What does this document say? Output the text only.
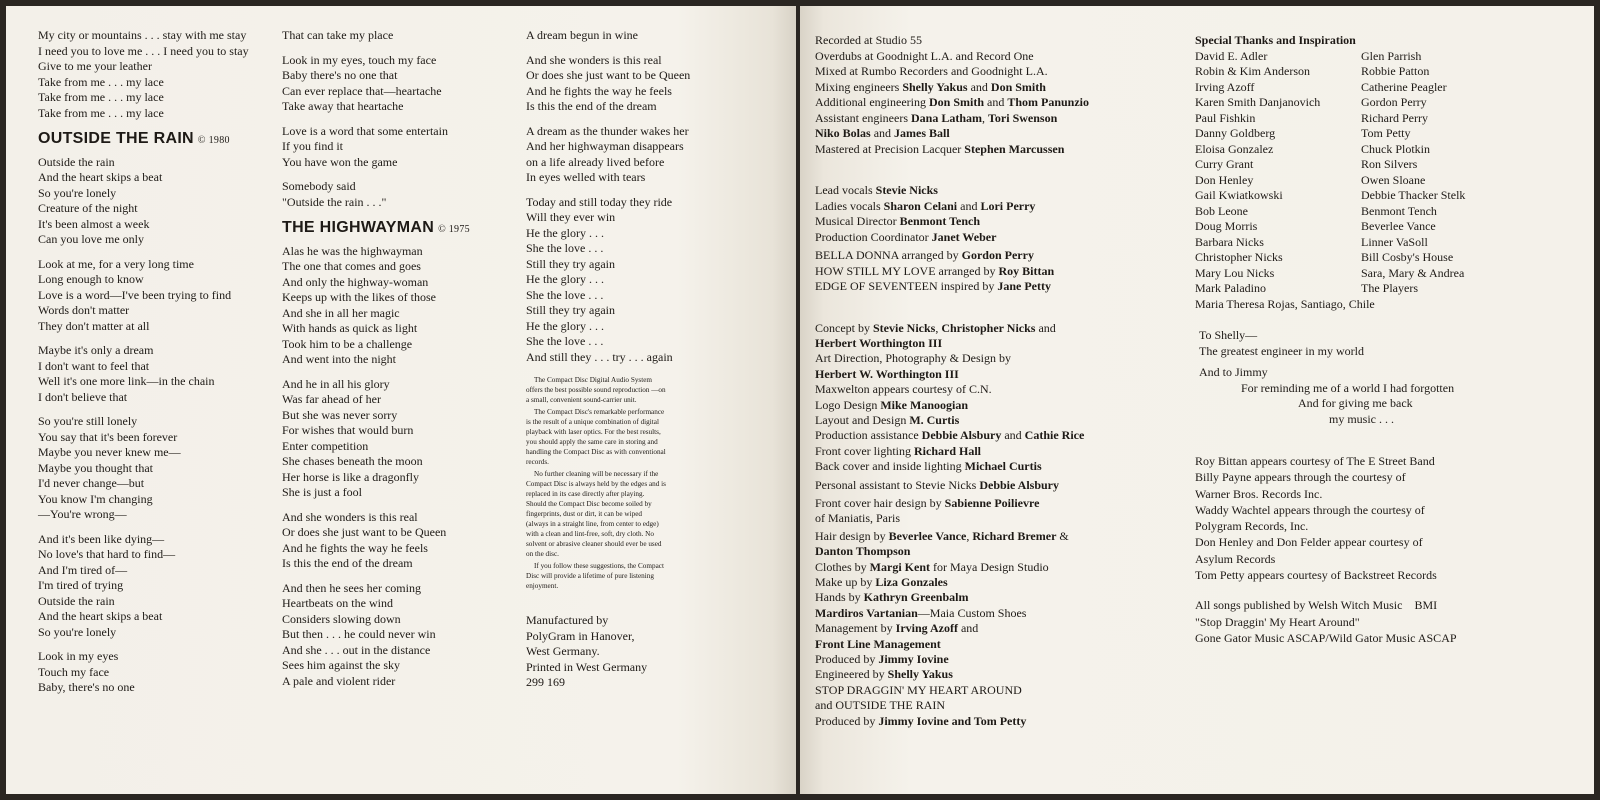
My city or mountains . . . stay with me stay
I need you to love me . . . I need you to stay
Give to me your leather
Take from me . . . my lace
Take from me . . . my lace
Take from me . . . my lace
OUTSIDE THE RAIN © 1980
Outside the rain
And the heart skips a beat
So you're lonely
Creature of the night
It's been almost a week
Can you love me only
Look at me, for a very long time
Long enough to know
Love is a word—I've been trying to find
Words don't matter
They don't matter at all
Maybe it's only a dream
I don't want to feel that
Well it's one more link—in the chain
I don't believe that
So you're still lonely
You say that it's been forever
Maybe you never knew me—
Maybe you thought that
I'd never change—but
You know I'm changing
—You're wrong—
And it's been like dying—
No love's that hard to find—
And I'm tired of—
I'm tired of trying
Outside the rain
And the heart skips a beat
So you're lonely
Look in my eyes
Touch my face
Baby, there's no one
That can take my place
Look in my eyes, touch my face
Baby there's no one that
Can ever replace that—heartache
Take away that heartache
Love is a word that some entertain
If you find it
You have won the game
Somebody said
"Outside the rain . . ."
THE HIGHWAYMAN © 1975
Alas he was the highwayman
The one that comes and goes
And only the highway-woman
Keeps up with the likes of those
And she in all her magic
With hands as quick as light
Took him to be a challenge
And went into the night
And he in all his glory
Was far ahead of her
But she was never sorry
For wishes that would burn
Enter competition
She chases beneath the moon
Her horse is like a dragonfly
She is just a fool
And she wonders is this real
Or does she just want to be Queen
And he fights the way he feels
Is this the end of the dream
And then he sees her coming
Heartbeats on the wind
Considers slowing down
But then . . . he could never win
And she . . . out in the distance
Sees him against the sky
A pale and violent rider
A dream begun in wine
And she wonders is this real
Or does she just want to be Queen
And he fights the way he feels
Is this the end of the dream
A dream as the thunder wakes her
And her highwayman disappears
on a life already lived before
In eyes welled with tears
Today and still today they ride
Will they ever win
He the glory . . .
She the love . . .
Still they try again
He the glory . . .
She the love . . .
Still they try again
He the glory . . .
She the love . . .
And still they . . . try . . . again
The Compact Disc Digital Audio System offers the best possible sound reproduction —on a small, convenient sound-carrier unit.
The Compact Disc's remarkable performance is the result of a unique combination of digital playback with laser optics. For the best results, you should apply the same care in storing and handling the Compact Disc as with conventional records.
No further cleaning will be necessary if the Compact Disc is always held by the edges and is replaced in its case directly after playing. Should the Compact Disc become soiled by fingerprints, dust or dirt, it can be wiped (always in a straight line, from center to edge) with a clean and lint-free, soft, dry cloth. No solvent or abrasive cleaner should ever be used on the disc.
If you follow these suggestions, the Compact Disc will provide a lifetime of pure listening enjoyment.
Manufactured by
PolyGram in Hanover,
West Germany.
Printed in West Germany
299 169
Recorded at Studio 55
Overdubs at Goodnight L.A. and Record One
Mixed at Rumbo Recorders and Goodnight L.A.
Mixing engineers Shelly Yakus and Don Smith
Additional engineering Don Smith and Thom Panunzio
Assistant engineers Dana Latham, Tori Swenson
Niko Bolas and James Ball
Mastered at Precision Lacquer Stephen Marcussen
Lead vocals Stevie Nicks
Ladies vocals Sharon Celani and Lori Perry
Musical Director Benmont Tench
Production Coordinator Janet Weber
BELLA DONNA arranged by Gordon Perry
HOW STILL MY LOVE arranged by Roy Bittan
EDGE OF SEVENTEEN inspired by Jane Petty
Concept by Stevie Nicks, Christopher Nicks and
Herbert Worthington III
Art Direction, Photography & Design by
Herbert W. Worthington III
Maxwelton appears courtesy of C.N.
Logo Design Mike Manoogian
Layout and Design M. Curtis
Production assistance Debbie Alsbury and Cathie Rice
Front cover lighting Richard Hall
Back cover and inside lighting Michael Curtis
Personal assistant to Stevie Nicks Debbie Alsbury
Front cover hair design by Sabienne Poilievre
of Maniatis, Paris
Hair design by Beverlee Vance, Richard Bremer &
Danton Thompson
Clothes by Margi Kent for Maya Design Studio
Make up by Liza Gonzales
Hands by Kathryn Greenbalm
Mardiros Vartanian—Maia Custom Shoes
Management by Irving Azoff and
Front Line Management
Produced by Jimmy Iovine
Engineered by Shelly Yakus
STOP DRAGGIN' MY HEART AROUND
and OUTSIDE THE RAIN
Produced by Jimmy Iovine and Tom Petty
Special Thanks and Inspiration
David E. Adler	Glen Parrish
Robin & Kim Anderson	Robbie Patton
Irving Azoff	Catherine Peagler
Karen Smith Danjanovich	Gordon Perry
Paul Fishkin	Richard Perry
Danny Goldberg	Tom Petty
Eloisa Gonzalez	Chuck Plotkin
Curry Grant	Ron Silvers
Don Henley	Owen Sloane
Gail Kwiatkowski	Debbie Thacker Stelk
Bob Leone	Benmont Tench
Doug Morris	Beverlee Vance
Barbara Nicks	Linner VaSoll
Christopher Nicks	Bill Cosby's House
Mary Lou Nicks	Sara, Mary & Andrea
Mark Paladino	The Players
Maria Theresa Rojas, Santiago, Chile
To Shelly—
The greatest engineer in my world
And to Jimmy
For reminding me of a world I had forgotten
And for giving me back
my music . . .
Roy Bittan appears courtesy of The E Street Band
Billy Payne appears through the courtesy of
Warner Bros. Records Inc.
Waddy Wachtel appears through the courtesy of
Polygram Records, Inc.
Don Henley and Don Felder appear courtesy of
Asylum Records
Tom Petty appears courtesy of Backstreet Records
All songs published by Welsh Witch Music    BMI
"Stop Draggin' My Heart Around"
Gone Gator Music ASCAP/Wild Gator Music ASCAP
